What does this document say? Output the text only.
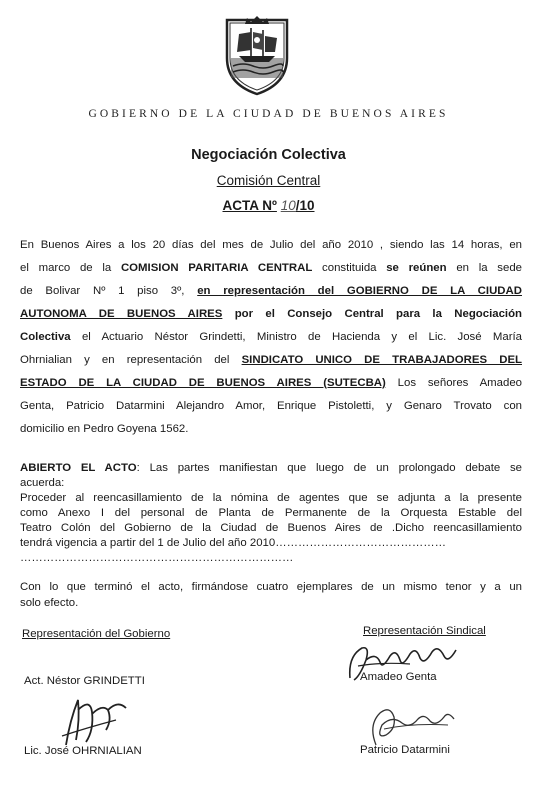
GOBIERNO DE LA CIUDAD DE BUENOS AIRES
Negociación Colectiva
Comisión Central
ACTA Nº 10/10
En Buenos Aires a los 20 días del mes de Julio del año 2010 , siendo las 14 horas, en
el marco de la COMISION PARITARIA CENTRAL constituida se reúnen en la sede
de Bolivar Nº 1 piso 3º, en representación del GOBIERNO DE LA CIUDAD
AUTONOMA DE BUENOS AIRES por el Consejo Central para la Negociación
Colectiva el Actuario Néstor Grindetti, Ministro de Hacienda y el Lic. José María
Ohrnialian y en representación del SINDICATO UNICO DE TRABAJADORES DEL
ESTADO DE LA CIUDAD DE BUENOS AIRES (SUTECBA) Los señores Amadeo
Genta, Patricio Datarmini Alejandro Amor, Enrique Pistoletti, y Genaro Trovato con
domicilio en Pedro Goyena 1562.
ABIERTO EL ACTO: Las partes manifiestan que luego de un prolongado debate se
acuerda:
Proceder al reencasillamiento de la nómina de agentes que se adjunta a la presente
como Anexo I del personal de Planta de Permanente de la Orquesta Estable del
Teatro Colón del Gobierno de la Ciudad de Buenos Aires de .Dicho reencasillamiento
tendrá vigencia a partir del 1 de Julio del año 2010………………………………………
………………………………………………………………
Con lo que terminó el acto, firmándose cuatro ejemplares de un mismo tenor y a un
solo efecto.
Representación del Gobierno	Representación Sindical
Act. Néstor GRINDETTI
Lic. José OHRNIALIAN
Amadeo Genta
Patricio Datarmini
